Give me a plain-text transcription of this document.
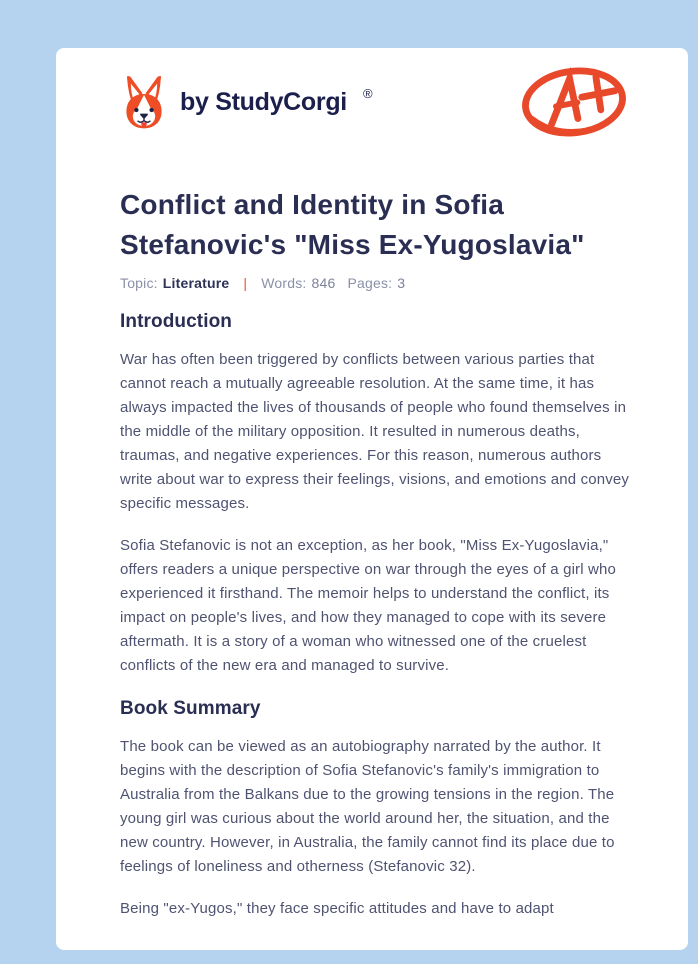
by StudyCorgi ®
Conflict and Identity in Sofia Stefanovic's "Miss Ex-Yugoslavia"
Topic: Literature | Words: 846 Pages: 3
Introduction

War has often been triggered by conflicts between various parties that cannot reach a mutually agreeable resolution. At the same time, it has always impacted the lives of thousands of people who found themselves in the middle of the military opposition. It resulted in numerous deaths, traumas, and negative experiences. For this reason, numerous authors write about war to express their feelings, visions, and emotions and convey specific messages.

Sofia Stefanovic is not an exception, as her book, "Miss Ex-Yugoslavia," offers readers a unique perspective on war through the eyes of a girl who experienced it firsthand. The memoir helps to understand the conflict, its impact on people's lives, and how they managed to cope with its severe aftermath. It is a story of a woman who witnessed one of the cruelest conflicts of the new era and managed to survive.

Book Summary

The book can be viewed as an autobiography narrated by the author. It begins with the description of Sofia Stefanovic's family's immigration to Australia from the Balkans due to the growing tensions in the region. The young girl was curious about the world around her, the situation, and the new country. However, in Australia, the family cannot find its place due to feelings of loneliness and otherness (Stefanovic 32).

Being "ex-Yugos," they face specific attitudes and have to adapt
